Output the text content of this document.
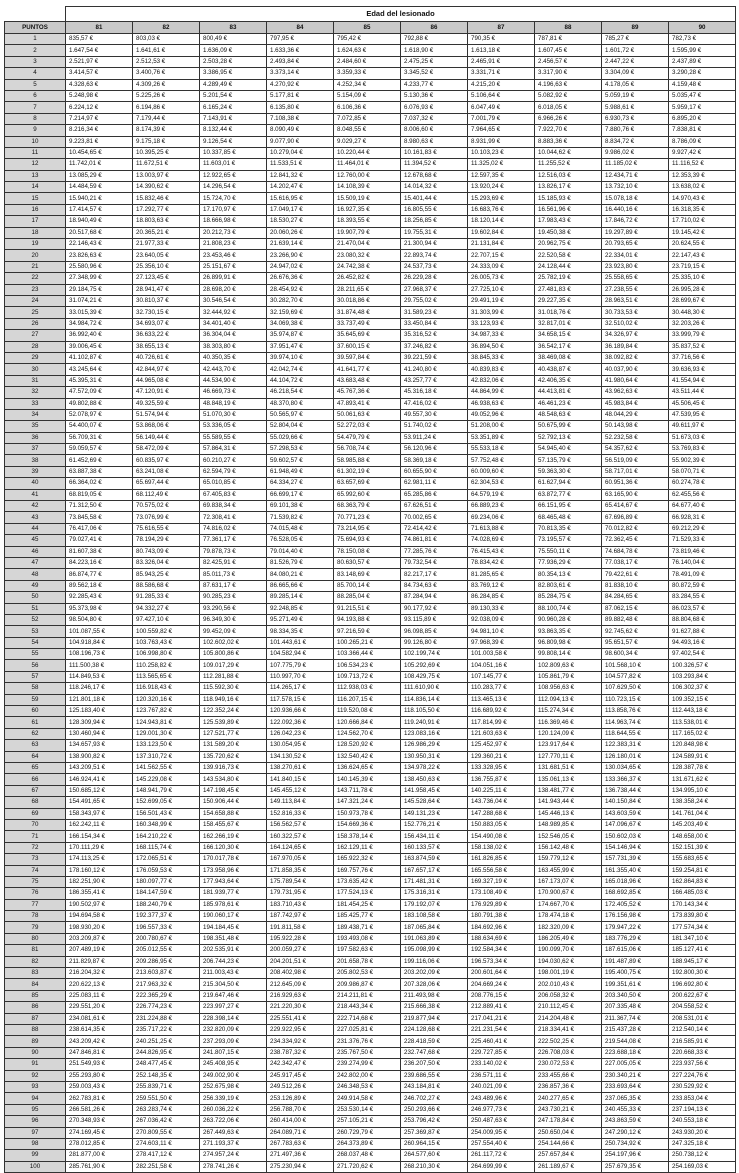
	Edad del lesionado									
PUNTOS	81	82	83	84	85	86	87	88	89	90
1	835,57 €	803,03 €	800,49 €	797,95 €	795,42 €	792,88 €	790,35 €	787,81 €	785,27 €	782,73 €
2	1.647,54 €	1.641,61 €	1.636,09 €	1.633,36 €	1.624,63 €	1.618,90 €	1.613,18 €	1.607,45 €	1.601,72 €	1.595,99 €
3	2.521,97 €	2.512,53 €	2.503,28 €	2.493,84 €	2.484,60 €	2.475,25 €	2.465,91 €	2.456,57 €	2.447,22 €	2.437,89 €
4	3.414,57 €	3.400,76 €	3.386,95 €	3.373,14 €	3.359,33 €	3.345,52 €	3.331,71 €	3.317,90 €	3.304,09 €	3.290,28 €
5	4.328,63 €	4.309,26 €	4.289,49 €	4.270,92 €	4.252,34 €	4.233,77 €	4.215,20 €	4.196,63 €	4.178,05 €	4.159,48 €
6	5.248,98 €	5.225,26 €	5.201,54 €	5.177,81 €	5.154,09 €	5.130,36 €	5.106,64 €	5.082,92 €	5.059,19 €	5.035,47 €
7	6.224,12 €	6.194,86 €	6.165,24 €	6.135,80 €	6.106,36 €	6.076,93 €	6.047,49 €	6.018,05 €	5.988,61 €	5.959,17 €
8	7.214,97 €	7.179,44 €	7.143,91 €	7.108,38 €	7.072,85 €	7.037,32 €	7.001,79 €	6.966,26 €	6.930,73 €	6.895,20 €
9	8.216,34 €	8.174,39 €	8.132,44 €	8.090,49 €	8.048,55 €	8.006,60 €	7.964,65 €	7.922,70 €	7.880,76 €	7.838,81 €
10	9.223,81 €	9.175,18 €	9.126,54 €	9.077,90 €	9.029,27 €	8.980,63 €	8.931,99 €	8.883,36 €	8.834,72 €	8.786,09 €
11	10.454,65 €	10.395,25 €	10.337,85 €	10.279,04 €	10.220,44 €	10.161,83 €	10.103,23 €	10.044,62 €	9.986,02 €	9.927,42 €
12	11.742,01 €	11.672,51 €	11.603,01 €	11.533,51 €	11.464,01 €	11.394,52 €	11.325,02 €	11.255,52 €	11.185,02 €	11.116,52 €
13	13.085,29 €	13.003,97 €	12.922,65 €	12.841,32 €	12.760,00 €	12.678,68 €	12.597,35 €	12.516,03 €	12.434,71 €	12.353,39 €
14	14.484,59 €	14.390,62 €	14.296,54 €	14.202,47 €	14.108,39 €	14.014,32 €	13.920,24 €	13.826,17 €	13.732,10 €	13.638,02 €
15	15.940,21 €	15.832,46 €	15.724,70 €	15.616,95 €	15.509,19 €	15.401,44 €	15.293,69 €	15.185,93 €	15.078,18 €	14.970,43 €
16	17.414,57 €	17.292,77 €	17.170,97 €	17.049,17 €	16.927,35 €	16.805,55 €	16.683,76 €	16.561,96 €	16.440,16 €	16.318,35 €
17	18.940,49 €	18.803,63 €	18.666,98 €	18.530,27 €	18.393,55 €	18.256,85 €	18.120,14 €	17.983,43 €	17.846,72 €	17.710,02 €
18	20.517,68 €	20.365,21 €	20.212,73 €	20.060,26 €	19.907,79 €	19.755,31 €	19.602,84 €	19.450,38 €	19.297,89 €	19.145,42 €
19	22.146,43 €	21.977,33 €	21.808,23 €	21.639,14 €	21.470,04 €	21.300,94 €	21.131,84 €	20.962,75 €	20.793,65 €	20.624,55 €
20	23.826,63 €	23.640,05 €	23.453,46 €	23.266,90 €	23.080,32 €	22.893,74 €	22.707,15 €	22.520,58 €	22.334,01 €	22.147,43 €
21	25.580,96 €	25.356,10 €	25.151,67 €	24.947,02 €	24.742,38 €	24.537,73 €	24.333,09 €	24.128,44 €	23.923,80 €	23.719,15 €
22	27.348,99 €	27.123,45 €	26.899,91 €	26.676,36 €	26.452,82 €	26.229,28 €	26.005,73 €	25.782,19 €	25.558,65 €	25.335,10 €
23	29.184,75 €	28.941,47 €	28.698,20 €	28.454,92 €	28.211,65 €	27.968,37 €	27.725,10 €	27.481,83 €	27.238,55 €	26.995,28 €
24	31.074,21 €	30.810,37 €	30.546,54 €	30.282,70 €	30.018,86 €	29.755,02 €	29.491,19 €	29.227,35 €	28.963,51 €	28.699,67 €
25	33.015,39 €	32.730,15 €	32.444,92 €	32.159,69 €	31.874,48 €	31.589,23 €	31.303,99 €	31.018,76 €	30.733,53 €	30.448,30 €
26	34.984,72 €	34.693,07 €	34.401,40 €	34.069,38 €	33.737,49 €	33.450,84 €	33.123,93 €	32.817,01 €	32.510,02 €	32.203,26 €
27	36.992,40 €	36.633,22 €	36.304,04 €	35.974,87 €	35.645,69 €	35.316,52 €	34.987,33 €	34.658,15 €	34.326,97 €	33.999,79 €
28	39.006,45 €	38.655,13 €	38.303,80 €	37.951,47 €	37.600,15 €	37.246,82 €	36.894,50 €	36.542,17 €	36.189,84 €	35.837,52 €
29	41.102,87 €	40.726,61 €	40.350,35 €	39.974,10 €	39.597,84 €	39.221,59 €	38.845,33 €	38.469,08 €	38.092,82 €	37.716,56 €
30	43.245,64 €	42.844,97 €	42.443,70 €	42.042,74 €	41.641,77 €	41.240,80 €	40.839,83 €	40.438,87 €	40.037,90 €	39.636,93 €
31	45.395,31 €	44.965,08 €	44.534,90 €	44.104,72 €	43.683,48 €	43.257,77 €	42.832,06 €	42.406,35 €	41.980,64 €	41.554,94 €
32	47.572,09 €	47.120,91 €	46.669,73 €	46.218,54 €	45.767,36 €	45.316,18 €	44.864,99 €	44.413,81 €	43.962,63 €	43.511,44 €
33	49.802,88 €	49.325,59 €	48.848,19 €	48.370,80 €	47.893,41 €	47.416,02 €	46.938,63 €	46.461,23 €	45.983,84 €	45.506,45 €
34	52.078,97 €	51.574,94 €	51.070,30 €	50.565,97 €	50.061,63 €	49.557,30 €	49.052,96 €	48.548,63 €	48.044,29 €	47.539,95 €
35	54.400,07 €	53.868,06 €	53.336,05 €	52.804,04 €	52.272,03 €	51.740,02 €	51.208,00 €	50.675,99 €	50.143,98 €	49.611,97 €
36	56.709,31 €	56.149,44 €	55.589,55 €	55.029,66 €	54.479,79 €	53.911,24 €	53.351,89 €	52.792,13 €	52.232,58 €	51.673,03 €
37	59.059,57 €	58.472,09 €	57.864,31 €	57.298,53 €	56.708,74 €	56.120,96 €	55.533,18 €	54.945,40 €	54.357,62 €	53.769,83 €
38	61.452,69 €	60.835,97 €	60.210,27 €	59.602,57 €	58.985,88 €	58.369,18 €	57.752,48 €	57.135,79 €	56.519,09 €	55.902,39 €
39	63.887,38 €	63.241,08 €	62.594,79 €	61.948,49 €	61.302,19 €	60.655,90 €	60.009,60 €	59.363,30 €	58.717,01 €	58.070,71 €
40	66.364,02 €	65.697,44 €	65.010,85 €	64.334,27 €	63.657,69 €	62.981,11 €	62.304,53 €	61.627,94 €	60.951,36 €	60.274,78 €
41	68.819,05 €	68.112,49 €	67.405,83 €	66.699,17 €	65.992,60 €	65.285,86 €	64.579,19 €	63.872,77 €	63.165,90 €	62.455,56 €
42	71.312,50 €	70.575,02 €	69.838,34 €	69.101,38 €	68.363,79 €	67.626,51 €	66.889,23 €	66.151,95 €	65.414,67 €	64.677,40 €
43	73.845,58 €	73.076,99 €	72.308,41 €	71.539,82 €	70.771,23 €	70.002,65 €	69.234,06 €	68.465,48 €	67.696,89 €	66.928,31 €
44	76.417,06 €	75.616,55 €	74.816,02 €	74.015,48 €	73.214,95 €	72.414,42 €	71.613,88 €	70.813,35 €	70.012,82 €	69.212,29 €
45	79.027,41 €	78.194,29 €	77.361,17 €	76.528,05 €	75.694,93 €	74.861,81 €	74.028,69 €	73.195,57 €	72.362,45 €	71.529,33 €
46	81.607,38 €	80.743,09 €	79.878,73 €	79.014,40 €	78.150,08 €	77.285,76 €	76.415,43 €	75.550,11 €	74.684,78 €	73.819,46 €
47	84.223,16 €	83.326,04 €	82.425,91 €	81.526,79 €	80.630,57 €	79.732,54 €	78.834,42 €	77.936,29 €	77.038,17 €	76.140,04 €
48	86.874,77 €	85.943,25 €	85.011,73 €	84.080,21 €	83.148,69 €	82.217,17 €	81.285,65 €	80.354,13 €	79.422,61 €	78.491,09 €
49	89.562,18 €	88.586,68 €	87.631,17 €	86.665,66 €	85.700,14 €	84.734,63 €	83.769,12 €	82.803,61 €	81.838,10 €	80.872,59 €
50	92.285,43 €	91.285,33 €	90.285,23 €	89.285,14 €	88.285,04 €	87.284,94 €	86.284,85 €	85.284,75 €	84.284,65 €	83.284,55 €
51	95.373,98 €	94.332,27 €	93.290,56 €	92.248,85 €	91.215,51 €	90.177,92 €	89.130,33 €	88.100,74 €	87.062,15 €	86.023,57 €
52	98.504,80 €	97.427,10 €	96.349,30 €	95.271,49 €	94.193,88 €	93.115,89 €	92.038,09 €	90.960,28 €	89.882,48 €	88.804,68 €
53	101.087,55 €	100.559,82 €	99.452,09 €	98.334,35 €	97.216,59 €	96.098,85 €	94.981,10 €	93.863,35 €	92.745,62 €	91.627,88 €
54	104.918,84 €	103.763,43 €	102.602,02 €	101.443,61 €	100.265,21 €	99.126,80 €	97.968,39 €	96.809,98 €	95.651,57 €	94.493,16 €
55	108.196,73 €	106.998,80 €	105.800,86 €	104.582,94 €	103.366,44 €	102.199,74 €	101.003,58 €	99.808,14 €	98.600,34 €	97.402,54 €
56	111.500,38 €	110.258,82 €	109.017,29 €	107.775,79 €	106.534,23 €	105.292,69 €	104.051,16 €	102.809,63 €	101.568,10 €	100.326,57 €
57	114.849,53 €	113.565,65 €	112.281,88 €	110.997,70 €	109.713,72 €	108.429,75 €	107.145,77 €	105.861,79 €	104.577,82 €	103.293,84 €
58	118.246,17 €	116.918,43 €	115.592,30 €	114.265,17 €	112.938,03 €	111.610,90 €	110.283,77 €	108.956,63 €	107.629,50 €	106.302,37 €
59	121.801,18 €	120.320,16 €	118.949,16 €	117.578,15 €	116.207,15 €	114.836,14 €	113.465,13 €	112.094,13 €	110.723,15 €	109.352,15 €
60	125.183,40 €	123.767,82 €	122.352,24 €	120.936,66 €	119.520,08 €	118.105,50 €	116.689,92 €	115.274,34 €	113.858,76 €	112.443,18 €
61	128.309,94 €	124.943,81 €	125.539,89 €	122.092,36 €	120.666,84 €	119.240,91 €	117.814,99 €	116.369,46 €	114.963,74 €	113.538,01 €
62	130.460,94 €	129.001,30 €	127.521,77 €	126.042,23 €	124.562,70 €	123.083,16 €	121.603,63 €	120.124,09 €	118.644,55 €	117.165,02 €
63	134.657,93 €	133.123,50 €	131.589,20 €	130.054,95 €	128.520,92 €	126.986,29 €	125.452,97 €	123.917,64 €	122.383,31 €	120.848,98 €
64	138.900,82 €	137.310,72 €	135.720,62 €	134.130,52 €	132.540,42 €	130.950,31 €	129.360,21 €	127.770,11 €	126.180,01 €	124.589,91 €
65	143.209,51 €	141.562,55 €	139.916,73 €	138.270,61 €	136.624,65 €	134.978,22 €	133.328,95 €	131.681,51 €	130.034,65 €	128.387,78 €
66	146.924,41 €	145.229,08 €	143.534,80 €	141.840,15 €	140.145,39 €	138.450,63 €	136.755,87 €	135.061,13 €	133.366,37 €	131.671,62 €
67	150.685,12 €	148.941,79 €	147.198,45 €	145.455,12 €	143.711,78 €	141.958,45 €	140.225,11 €	138.481,77 €	136.738,44 €	134.995,10 €
68	154.491,65 €	152.699,05 €	150.906,44 €	149.113,84 €	147.321,24 €	145.528,64 €	143.736,04 €	141.943,44 €	140.150,84 €	138.358,24 €
69	158.343,97 €	156.501,43 €	154.658,88 €	152.816,33 €	150.973,78 €	149.131,23 €	147.288,68 €	145.446,13 €	143.603,59 €	141.761,04 €
70	162.242,11 €	160.348,99 €	158.455,67 €	156.562,57 €	154.669,36 €	152.776,21 €	150.883,05 €	148.989,85 €	147.096,67 €	145.203,49 €
71	166.154,34 €	164.210,22 €	162.266,19 €	160.322,57 €	158.378,14 €	156.434,11 €	154.490,08 €	152.546,05 €	150.602,03 €	148.658,00 €
72	170.111,29 €	168.115,74 €	166.120,30 €	164.124,65 €	162.129,11 €	160.133,57 €	158.138,02 €	156.142,48 €	154.146,94 €	152.151,39 €
73	174.113,25 €	172.065,51 €	170.017,78 €	167.970,05 €	165.922,32 €	163.874,59 €	161.826,85 €	159.779,12 €	157.731,39 €	155.683,65 €
74	178.160,12 €	176.059,53 €	173.958,96 €	171.858,35 €	169.757,76 €	167.657,17 €	165.556,58 €	163.455,99 €	161.355,40 €	159.254,81 €
75	182.251,90 €	180.097,77 €	177.943,64 €	175.789,54 €	173.635,42 €	171.481,31 €	169.327,19 €	167.173,07 €	165.018,96 €	162.864,83 €
76	186.355,41 €	184.147,59 €	181.939,77 €	179.731,95 €	177.524,13 €	175.316,31 €	173.108,49 €	170.900,67 €	168.692,85 €	166.485,03 €
77	190.502,97 €	188.240,79 €	185.978,61 €	183.710,43 €	181.454,25 €	179.192,07 €	176.929,89 €	174.667,70 €	172.405,52 €	170.143,34 €
78	194.694,58 €	192.377,37 €	190.060,17 €	187.742,97 €	185.425,77 €	183.108,58 €	180.791,38 €	178.474,18 €	176.156,98 €	173.839,80 €
79	198.930,20 €	196.557,33 €	194.184,45 €	191.811,58 €	189.438,71 €	187.065,84 €	184.692,96 €	182.320,09 €	179.947,22 €	177.574,34 €
80	203.209,87 €	200.780,67 €	198.351,48 €	195.922,28 €	193.493,08 €	191.063,89 €	188.634,69 €	186.205,49 €	183.776,29 €	181.347,10 €
81	207.489,19 €	205.012,55 €	202.535,91 €	200.059,27 €	197.582,63 €	195.098,99 €	192.584,34 €	190.099,70 €	187.615,06 €	185.127,41 €
82	211.829,87 €	209.286,95 €	206.744,23 €	204.201,51 €	201.658,78 €	199.116,06 €	196.573,34 €	194.030,62 €	191.487,89 €	188.945,17 €
83	216.204,32 €	213.603,87 €	211.003,43 €	208.402,98 €	205.802,53 €	203.202,09 €	200.601,64 €	198.001,19 €	195.400,75 €	192.800,30 €
84	220.622,13 €	217.963,32 €	215.304,50 €	212.645,09 €	209.986,87 €	207.328,06 €	204.669,24 €	202.010,43 €	199.351,61 €	196.692,80 €
85	225.083,11 €	222.365,29 €	219.647,46 €	216.929,63 €	214.211,81 €	211.493,98 €	208.776,15 €	206.058,32 €	203.340,50 €	200.622,67 €
86	229.551,20 €	226.774,23 €	223.997,27 €	221.220,30 €	218.443,34 €	215.666,38 €	212.889,41 €	210.112,45 €	207.335,48 €	204.558,52 €
87	234.081,61 €	231.224,88 €	228.398,14 €	225.551,41 €	222.714,68 €	219.877,94 €	217.041,21 €	214.204,48 €	211.367,74 €	208.531,01 €
88	238.614,35 €	235.717,22 €	232.820,09 €	229.922,95 €	227.025,81 €	224.128,68 €	221.231,54 €	218.334,41 €	215.437,28 €	212.540,14 €
89	243.209,42 €	240.251,25 €	237.293,09 €	234.334,92 €	231.376,76 €	228.418,59 €	225.460,41 €	222.502,25 €	219.544,08 €	216.585,91 €
90	247.846,81 €	244.826,95 €	241.807,15 €	238.787,32 €	235.767,50 €	232.747,68 €	229.727,85 €	226.708,03 €	223.688,18 €	220.668,33 €
91	251.549,93 €	248.477,45 €	245.408,95 €	242.342,47 €	239.274,99 €	236.207,50 €	233.140,02 €	230.072,53 €	227.005,05 €	223.937,56 €
92	255.293,80 €	252.148,35 €	249.002,90 €	245.917,45 €	242.802,00 €	239.686,55 €	236.571,11 €	233.455,66 €	230.340,21 €	227.224,76 €
93	259.003,43 €	255.839,71 €	252.675,98 €	249.512,26 €	246.348,53 €	243.184,81 €	240.021,09 €	236.857,36 €	233.693,64 €	230.529,92 €
94	262.783,81 €	259.551,50 €	256.339,19 €	253.126,89 €	249.914,58 €	246.702,27 €	243.489,96 €	240.277,65 €	237.065,35 €	233.853,04 €
95	266.581,26 €	263.283,74 €	260.036,22 €	256.788,70 €	253.530,14 €	250.293,66 €	246.977,73 €	243.730,21 €	240.455,33 €	237.194,13 €
96	270.348,93 €	267.036,42 €	263.722,06 €	260.414,00 €	257.105,21 €	253.796,42 €	250.487,63 €	247.178,84 €	243.863,59 €	240.553,18 €
97	274.169,45 €	270.809,55 €	267.449,63 €	264.089,71 €	260.729,79 €	257.369,87 €	254.009,95 €	250.650,04 €	247.290,12 €	243.930,20 €
98	278.012,85 €	274.603,11 €	271.193,37 €	267.783,63 €	264.373,89 €	260.964,15 €	257.554,40 €	254.144,66 €	250.734,92 €	247.325,18 €
99	281.877,00 €	278.417,12 €	274.957,24 €	271.497,36 €	268.037,48 €	264.577,60 €	261.117,72 €	257.657,84 €	254.197,96 €	250.738,12 €
100	285.761,90 €	282.251,58 €	278.741,26 €	275.230,94 €	271.720,62 €	268.210,30 €	264.699,99 €	261.189,67 €	257.679,35 €	254.169,03 €
